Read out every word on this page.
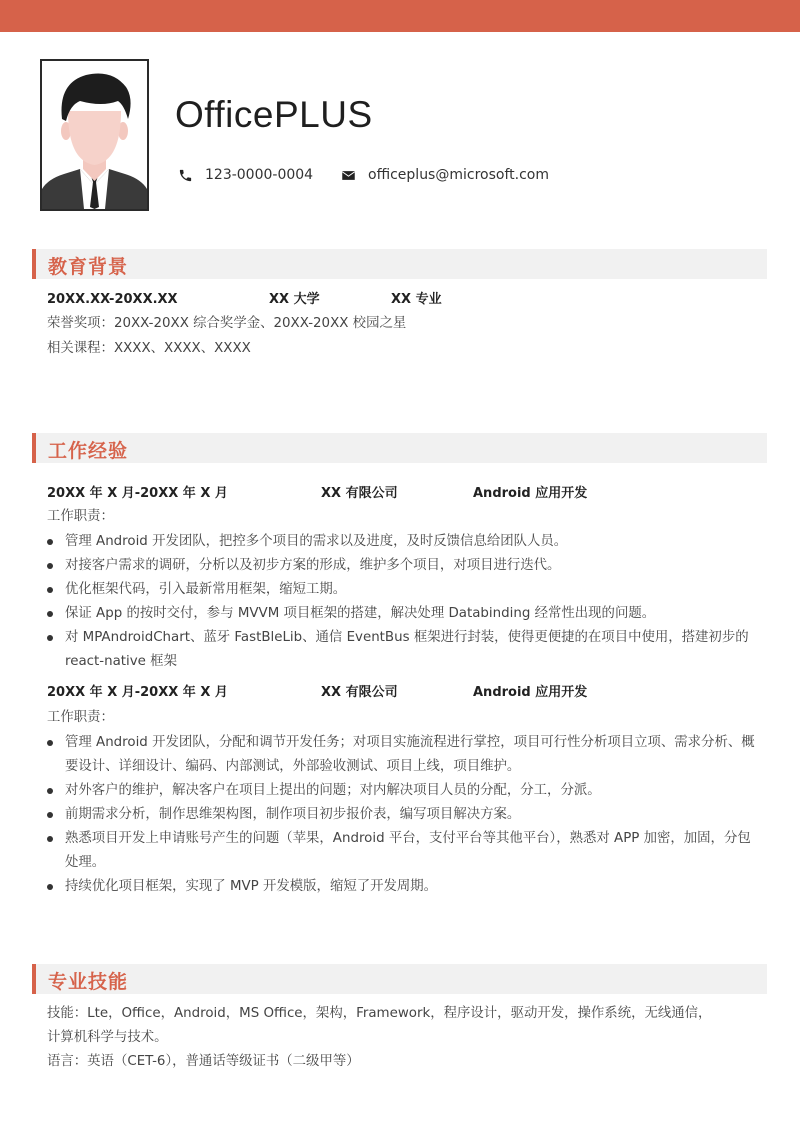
OfficePLUS
123-0000-0004	officeplus@microsoft.com
教育背景
20XX.XX-20XX.XX	XX 大学	XX 专业
荣誉奖项：20XX-20XX 综合奖学金、20XX-20XX 校园之星
相关课程：XXXX、XXXX、XXXX
工作经验
20XX 年 X 月-20XX 年 X 月	XX 有限公司	Android 应用开发
工作职责：
管理 Android 开发团队，把控多个项目的需求以及进度，及时反馈信息给团队人员。
对接客户需求的调研，分析以及初步方案的形成，维护多个项目，对项目进行迭代。
优化框架代码，引入最新常用框架，缩短工期。
保证 App 的按时交付，参与 MVVM 项目框架的搭建，解决处理 Databinding 经常性出现的问题。
对 MPAndroidChart、蓝牙 FastBleLib、通信 EventBus 框架进行封装，使得更便捷的在项目中使用，搭建初步的 react-native 框架
20XX 年 X 月-20XX 年 X 月	XX 有限公司	Android 应用开发
工作职责：
管理 Android 开发团队，分配和调节开发任务；对项目实施流程进行掌控，项目可行性分析项目立项、需求分析、概要设计、详细设计、编码、内部测试，外部验收测试、项目上线，项目维护。
对外客户的维护，解决客户在项目上提出的问题；对内解决项目人员的分配，分工，分派。
前期需求分析，制作思维架构图，制作项目初步报价表，编写项目解决方案。
熟悉项目开发上申请账号产生的问题（苹果，Android 平台，支付平台等其他平台），熟悉对 APP 加密，加固，分包处理。
持续优化项目框架，实现了 MVP 开发模版，缩短了开发周期。
专业技能
技能：Lte，Office，Android，MS Office，架构，Framework，程序设计，驱动开发，操作系统，无线通信，
计算机科学与技术。
语言：英语（CET-6），普通话等级证书（二级甲等）
